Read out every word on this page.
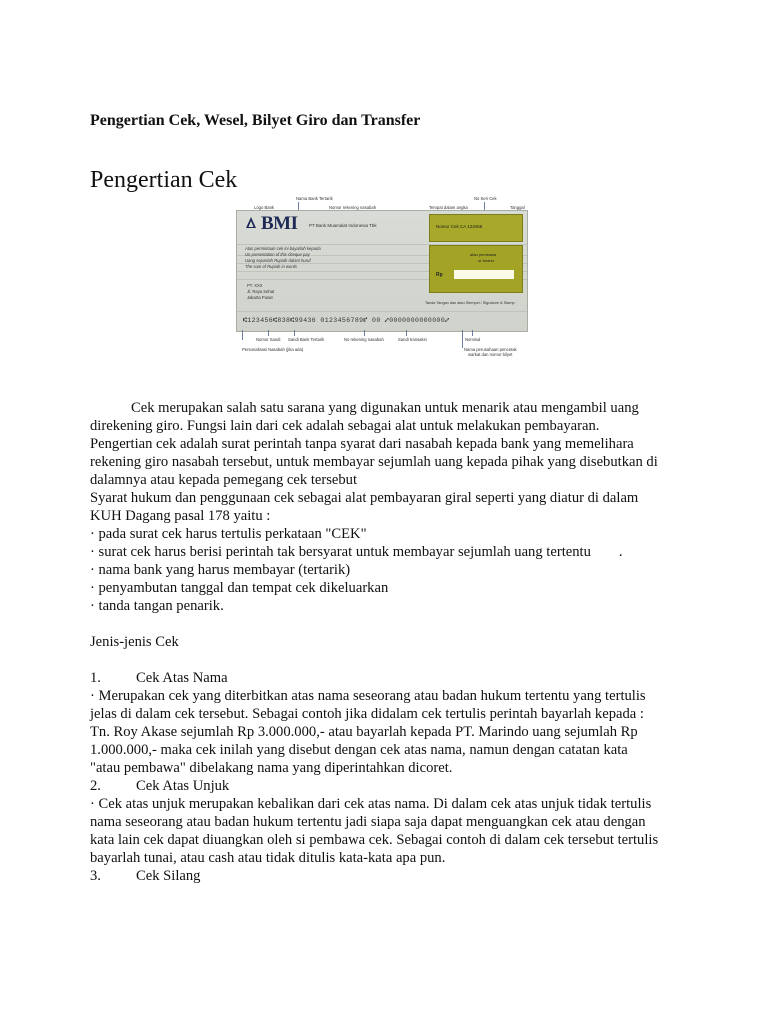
Pengertian Cek, Wesel, Bilyet Giro dan Transfer
Pengertian Cek
Logo Bank
Nama Bank Tertarik
Nomor rekening nasabah
No Seri Cek
Tempat dalam angka	Tanggal
BMI	PT Bank Muamalat Indonesia Tbk	Nomor Cek CA 123456
Atas permintaan cek ini bayarlah kepada
Un presentation of this cheque pay
Uang sejumlah Rupiah dalam huruf
The sum of Rupiah in words
PT. XXX
Jl. Raya Sehat
Jakarta Pusat
atau pembawa
or bearer
Rp
Tanda Tangan dan atau Stempel / Signature & Stamp
⑆123456⑆838⑆99436 0123456789⑈ 00 ⑇0000000000000⑇
Nomor Sandi Sandi Bank Tertarik	No rekening nasabah	Sandi transaksi	Nominal
Personalisasi Nasabah (jika ada)	Nama perusahaan pencetak
warkat dan nomor bilyet
Cek merupakan salah satu sarana yang digunakan untuk menarik atau mengambil uang
direkening giro. Fungsi lain dari cek adalah sebagai alat untuk melakukan pembayaran.
Pengertian cek adalah surat perintah tanpa syarat dari nasabah kepada bank yang memelihara
rekening giro nasabah tersebut, untuk membayar sejumlah uang kepada pihak yang disebutkan di
dalamnya atau kepada pemegang cek tersebut
Syarat hukum dan penggunaan cek sebagai alat pembayaran giral seperti yang diatur di dalam
KUH Dagang pasal 178 yaitu :
· pada surat cek harus tertulis perkataan "CEK"
· surat cek harus berisi perintah tak bersyarat untuk membayar sejumlah uang tertentu .
· nama bank yang harus membayar (tertarik)
· penyambutan tanggal dan tempat cek dikeluarkan
· tanda tangan penarik.
Jenis-jenis Cek
1. Cek Atas Nama
· Merupakan cek yang diterbitkan atas nama seseorang atau badan hukum tertentu yang tertulis
jelas di dalam cek tersebut. Sebagai contoh jika didalam cek tertulis perintah bayarlah kepada :
Tn. Roy Akase sejumlah Rp 3.000.000,- atau bayarlah kepada PT. Marindo uang sejumlah Rp
1.000.000,- maka cek inilah yang disebut dengan cek atas nama, namun dengan catatan kata
"atau pembawa" dibelakang nama yang diperintahkan dicoret.
2. Cek Atas Unjuk
· Cek atas unjuk merupakan kebalikan dari cek atas nama. Di dalam cek atas unjuk tidak tertulis
nama seseorang atau badan hukum tertentu jadi siapa saja dapat menguangkan cek atau dengan
kata lain cek dapat diuangkan oleh si pembawa cek. Sebagai contoh di dalam cek tersebut tertulis
bayarlah tunai, atau cash atau tidak ditulis kata-kata apa pun.
3. Cek Silang
